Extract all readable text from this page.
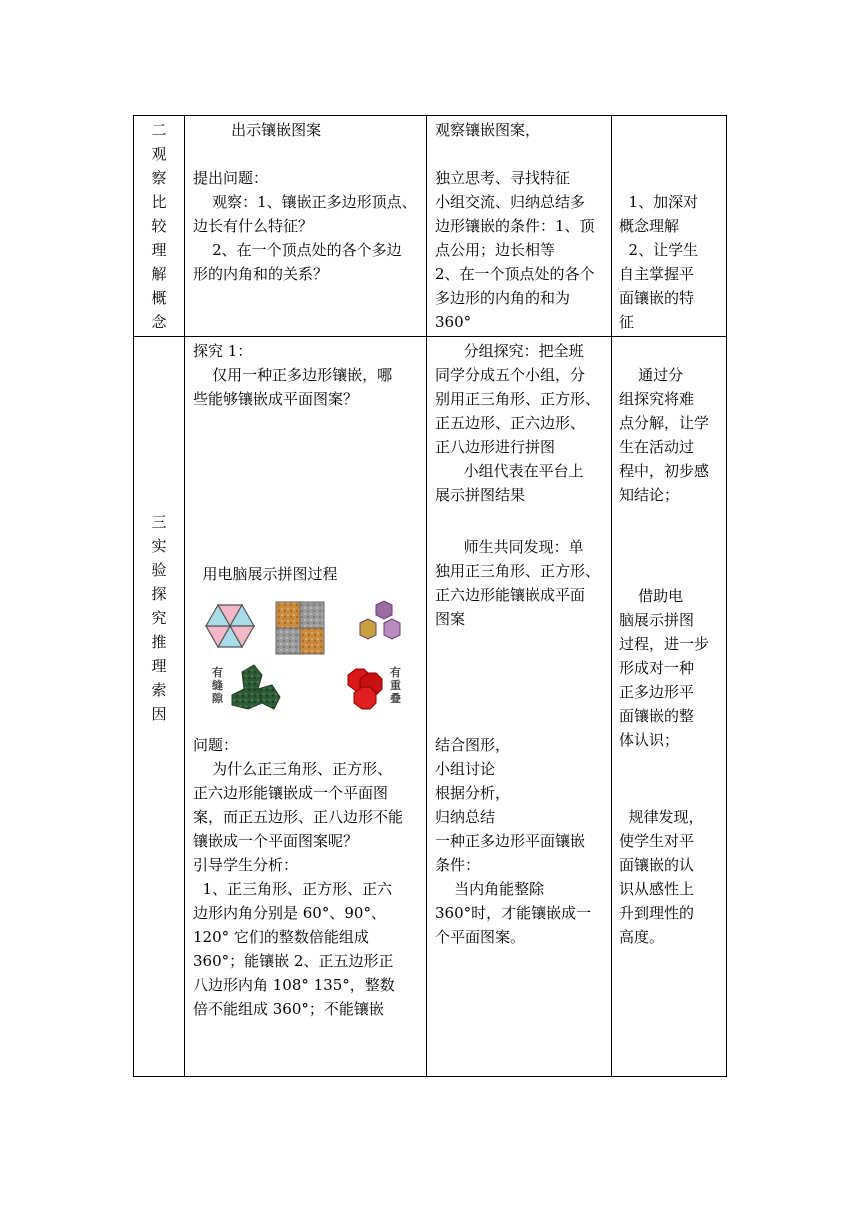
二
观
察
比
较
理
解
概
念
出示镶嵌图案
提出问题：
观察：1、镶嵌正多边形顶点、
边长有什么特征？
2、在一个顶点处的各个多边
形的内角和的关系？
观察镶嵌图案，
独立思考、寻找特征
小组交流、归纳总结多
边形镶嵌的条件：1、顶
点公用；边长相等
2、在一个顶点处的各个
多边形的内角的和为
360°
1、加深对
概念理解
2、让学生
自主掌握平
面镶嵌的特
征
三
实
验
探
究
推
理
索
因
探究 1：
仅用一种正多边形镶嵌，哪
些能够镶嵌成平面图案？
用电脑展示拼图过程
有
缝
隙
有
重
叠
问题：
为什么正三角形、正方形、
正六边形能镶嵌成一个平面图
案，而正五边形、正八边形不能
镶嵌成一个平面图案呢？
引导学生分析：
1、正三角形、正方形、正六
边形内角分别是 60°、90°、
120° 它们的整数倍能组成
360°；能镶嵌 2、正五边形正
八边形内角 108° 135°，整数
倍不能组成 360°；不能镶嵌
分组探究：把全班
同学分成五个小组，分
别用正三角形、正方形、
正五边形、正六边形、
正八边形进行拼图
小组代表在平台上
展示拼图结果
师生共同发现：单
独用正三角形、正方形、
正六边形能镶嵌成平面
图案
结合图形，
小组讨论
根据分析，
归纳总结
一种正多边形平面镶嵌
条件：
当内角能整除
360°时，才能镶嵌成一
个平面图案。
通过分
组探究将难
点分解，让学
生在活动过
程中，初步感
知结论；
借助电
脑展示拼图
过程，进一步
形成对一种
正多边形平
面镶嵌的整
体认识；
规律发现，
使学生对平
面镶嵌的认
识从感性上
升到理性的
高度。
